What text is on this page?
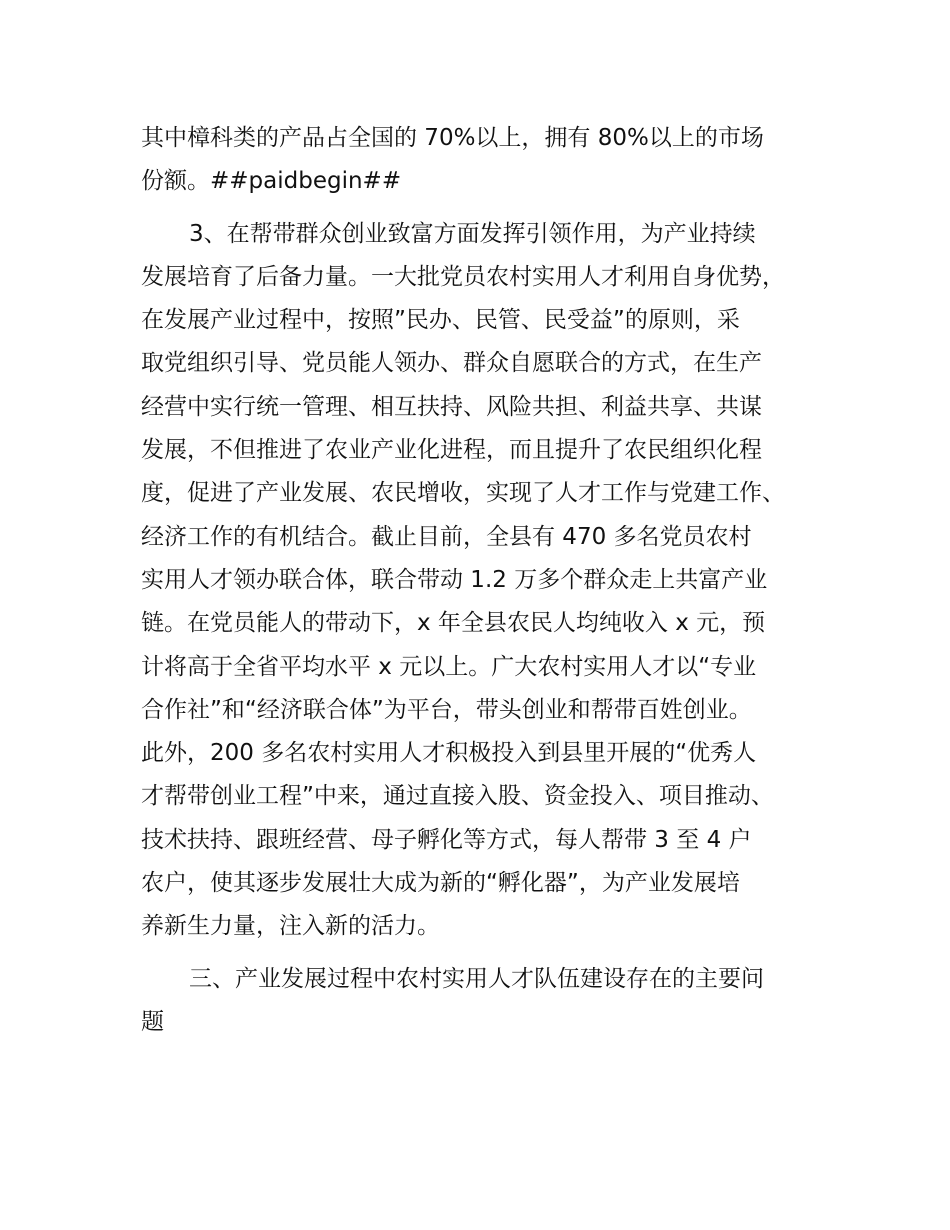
其中樟科类的产品占全国的 70%以上，拥有 80%以上的市场
份额。##paidbegin##

3、在帮带群众创业致富方面发挥引领作用，为产业持续
发展培育了后备力量。一大批党员农村实用人才利用自身优势，
在发展产业过程中，按照”民办、民管、民受益”的原则，采
取党组织引导、党员能人领办、群众自愿联合的方式，在生产
经营中实行统一管理、相互扶持、风险共担、利益共享、共谋
发展，不但推进了农业产业化进程，而且提升了农民组织化程
度，促进了产业发展、农民增收，实现了人才工作与党建工作、
经济工作的有机结合。截止目前，全县有 470 多名党员农村
实用人才领办联合体，联合带动 1.2 万多个群众走上共富产业
链。在党员能人的带动下，x 年全县农民人均纯收入 x 元，预
计将高于全省平均水平 x 元以上。广大农村实用人才以“专业
合作社”和“经济联合体”为平台，带头创业和帮带百姓创业。
此外，200 多名农村实用人才积极投入到县里开展的“优秀人
才帮带创业工程”中来，通过直接入股、资金投入、项目推动、
技术扶持、跟班经营、母子孵化等方式，每人帮带 3 至 4 户
农户，使其逐步发展壮大成为新的“孵化器”，为产业发展培
养新生力量，注入新的活力。

三、产业发展过程中农村实用人才队伍建设存在的主要问
题
